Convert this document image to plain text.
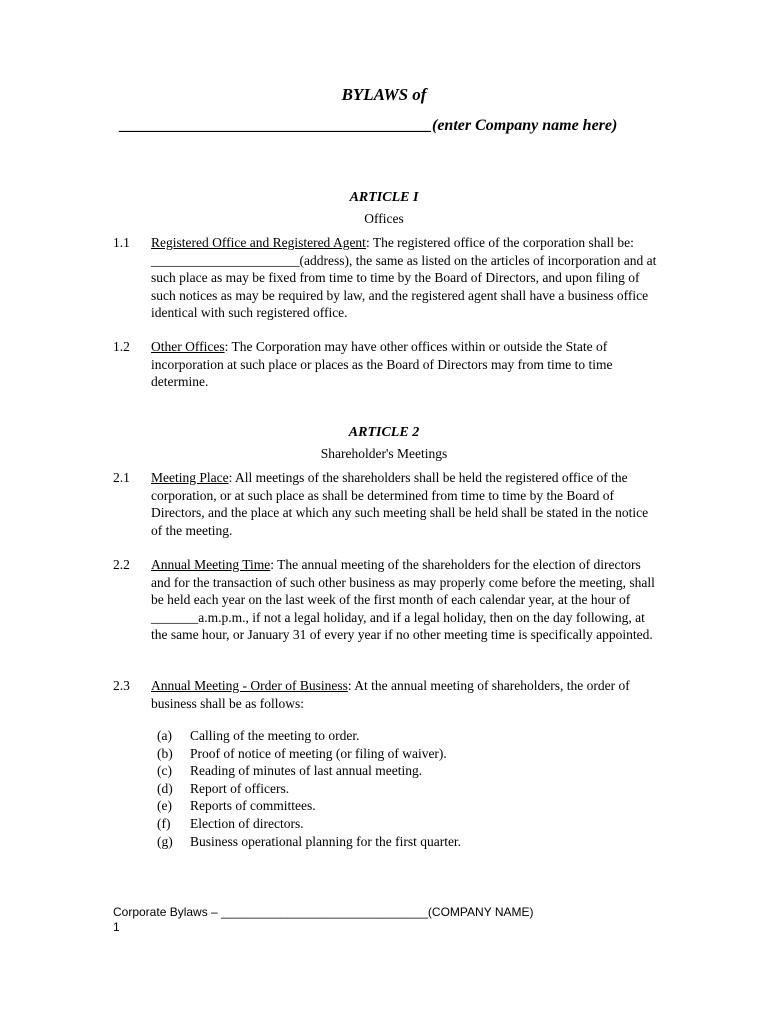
BYLAWS of
_______________________________________(enter Company name here)
ARTICLE I
Offices
1.1 Registered Office and Registered Agent: The registered office of the corporation shall be: ______________________(address), the same as listed on the articles of incorporation and at such place as may be fixed from time to time by the Board of Directors, and upon filing of such notices as may be required by law, and the registered agent shall have a business office identical with such registered office.
1.2 Other Offices: The Corporation may have other offices within or outside the State of incorporation at such place or places as the Board of Directors may from time to time determine.
ARTICLE 2
Shareholder's Meetings
2.1 Meeting Place: All meetings of the shareholders shall be held the registered office of the corporation, or at such place as shall be determined from time to time by the Board of Directors, and the place at which any such meeting shall be held shall be stated in the notice of the meeting.
2.2 Annual Meeting Time: The annual meeting of the shareholders for the election of directors and for the transaction of such other business as may properly come before the meeting, shall be held each year on the last week of the first month of each calendar year, at the hour of _______a.m.p.m., if not a legal holiday, and if a legal holiday, then on the day following, at the same hour, or January 31 of every year if no other meeting time is specifically appointed.
2.3 Annual Meeting - Order of Business: At the annual meeting of shareholders, the order of business shall be as follows:
(a) Calling of the meeting to order.
(b) Proof of notice of meeting (or filing of waiver).
(c) Reading of minutes of last annual meeting.
(d) Report of officers.
(e) Reports of committees.
(f) Election of directors.
(g) Business operational planning for the first quarter.
Corporate Bylaws – _______________________________(COMPANY NAME)
1
